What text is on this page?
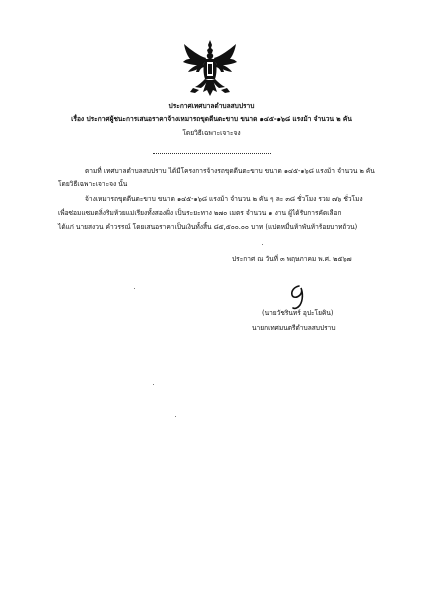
ประกาศเทศบาลตำบลสบปราบ
เรื่อง ประกาศผู้ชนะการเสนอราคาจ้างเหมารถขุดตีนตะขาบ ขนาด ๑๔๕-๑๖๘ แรงม้า จำนวน ๒ คัน
โดยวิธีเฉพาะเจาะจง
ตามที่ เทศบาลตำบลสบปราบ ได้มีโครงการจ้างรถขุดตีนตะขาบ ขนาด ๑๔๕-๑๖๘ แรงม้า จำนวน ๒ คัน
โดยวิธีเฉพาะเจาะจง นั้น
จ้างเหมารถขุดตีนตะขาบ ขนาด ๑๔๕-๑๖๘ แรงม้า จำนวน ๒ คัน ๆ ละ ๓๘ ชั่วโมง รวม ๗๖ ชั่วโมง
เพื่อซ่อมแซมตลิ่งริมห้วยแม่เรียงทั้งสองฝั่ง เป็นระยะทาง ๒๗๐ เมตร จำนวน ๑ งาน ผู้ได้รับการคัดเลือก
ได้แก่ นายสงวน คำวรรณ์ โดยเสนอราคาเป็นเงินทั้งสิ้น ๘๕,๕๐๐.๐๐ บาท (แปดหมื่นห้าพันห้าร้อยบาทถ้วน)
ประกาศ ณ วันที่ ๓ พฤษภาคม พ.ศ. ๒๕๖๗
(นายวัชรินทร์ อุปะโยคิน)
นายกเทศมนตรีตำบลสบปราบ
